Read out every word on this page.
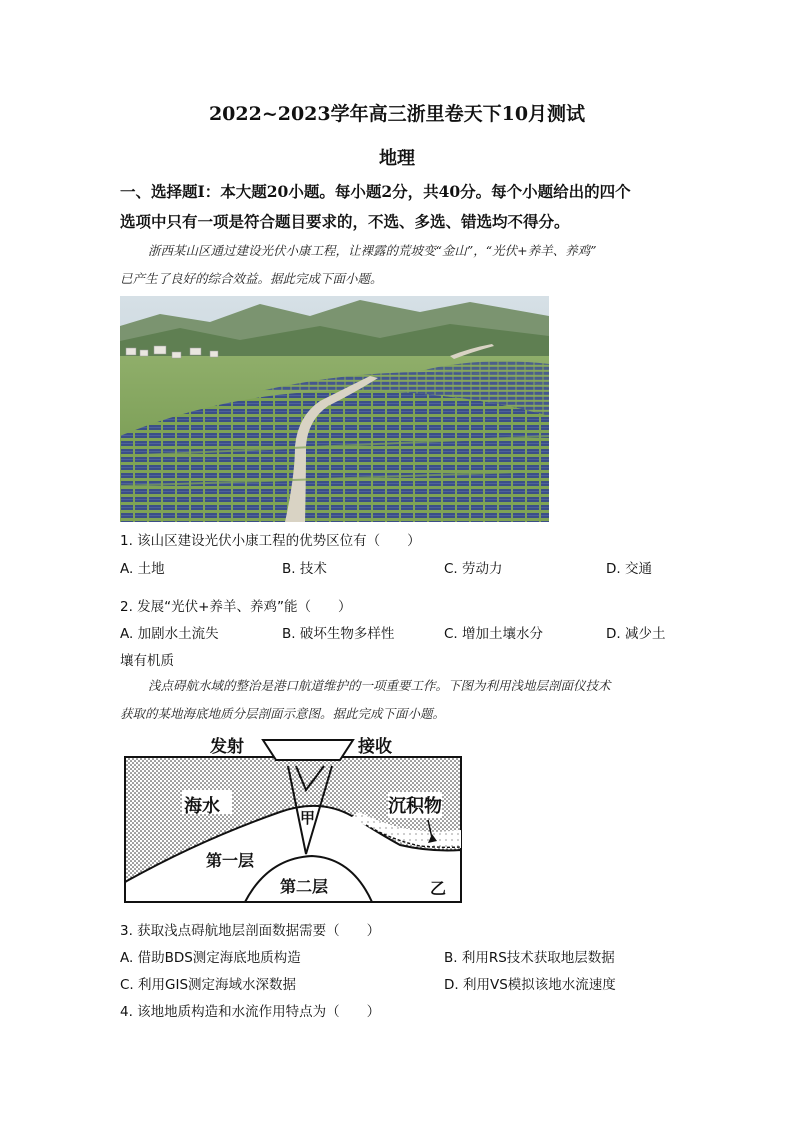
2022~2023学年高三浙里卷天下10月测试
地理
一、选择题Ⅰ：本大题20小题。每小题2分，共40分。每个小题给出的四个
选项中只有一项是符合题目要求的，不选、多选、错选均不得分。
浙西某山区通过建设光伏小康工程，让裸露的荒坡变“金山”，“光伏+养羊、养鸡”
已产生了良好的综合效益。据此完成下面小题。
1. 该山区建设光伏小康工程的优势区位有（　　）
A. 土地	B. 技术	C. 劳动力	D. 交通
2. 发展“光伏+养羊、养鸡”能（　　）
A. 加剧水土流失	B. 破坏生物多样性	C. 增加土壤水分	D. 减少土
壤有机质
浅点碍航水域的整治是港口航道维护的一项重要工作。下图为利用浅地层剖面仪技术
获取的某地海底地质分层剖面示意图。据此完成下面小题。
发射	接收
海水
甲
沉积物
第一层
第二层	乙
3. 获取浅点碍航地层剖面数据需要（　　）
A. 借助BDS测定海底地质构造	B. 利用RS技术获取地层数据
C. 利用GIS测定海域水深数据	D. 利用VS模拟该地水流速度
4. 该地地质构造和水流作用特点为（　　）
